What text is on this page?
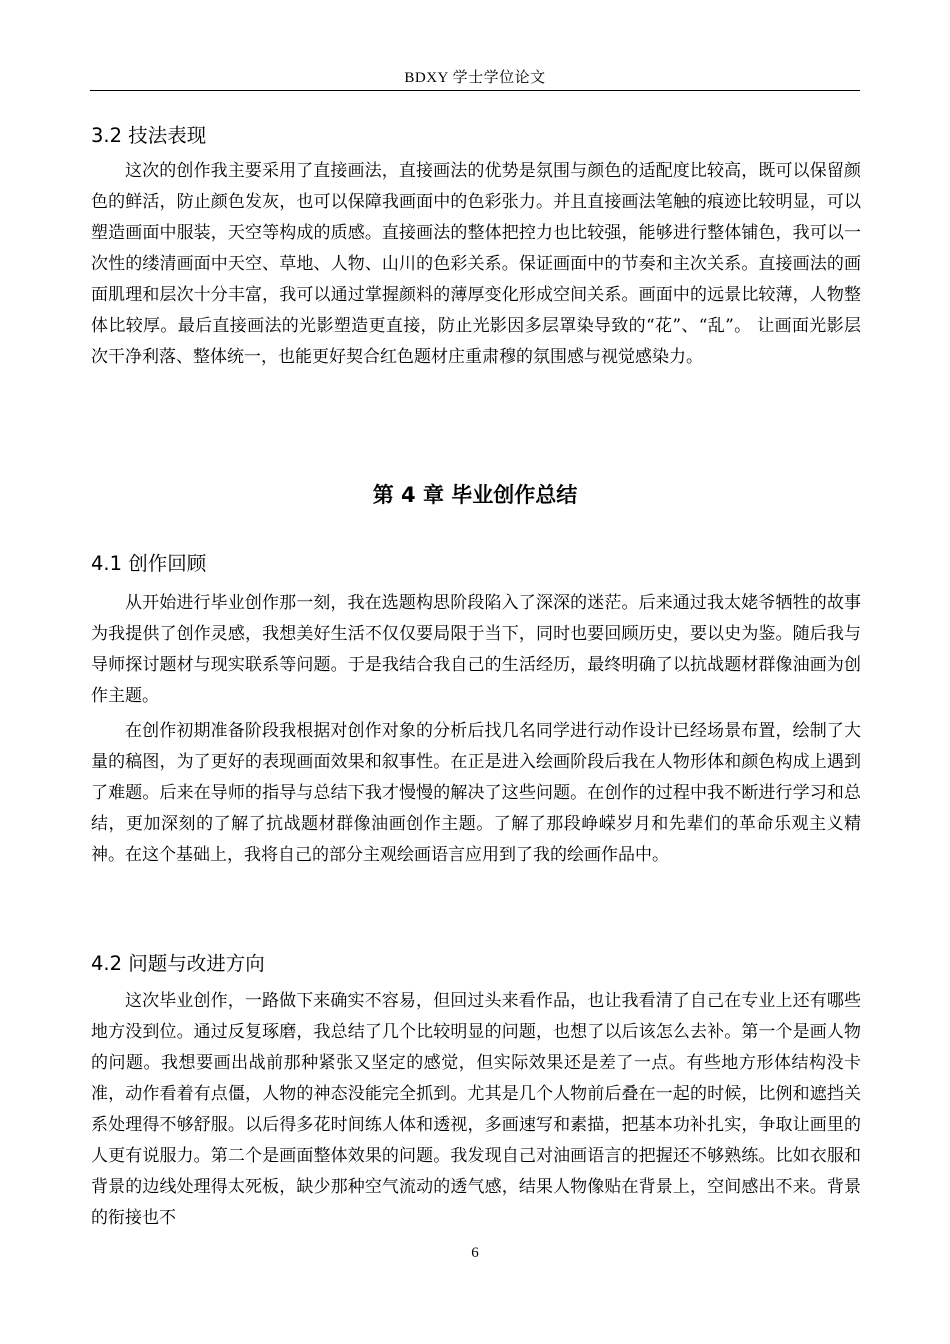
BDXY 学士学位论文
3.2 技法表现

这次的创作我主要采用了直接画法，直接画法的优势是氛围与颜色的适配度比较高，既可以保留颜色的鲜活，防止颜色发灰，也可以保障我画面中的色彩张力。并且直接画法笔触的痕迹比较明显，可以塑造画面中服装，天空等构成的质感。直接画法的整体把控力也比较强，能够进行整体铺色，我可以一次性的缕清画面中天空、草地、人物、山川的色彩关系。保证画面中的节奏和主次关系。直接画法的画面肌理和层次十分丰富，我可以通过掌握颜料的薄厚变化形成空间关系。画面中的远景比较薄，人物整体比较厚。最后直接画法的光影塑造更直接，防止光影因多层罩染导致的“花”、“乱”。 让画面光影层次干净利落、整体统一，也能更好契合红色题材庄重肃穆的氛围感与视觉感染力。

第 4 章 毕业创作总结
4.1 创作回顾

从开始进行毕业创作那一刻，我在选题构思阶段陷入了深深的迷茫。后来通过我太姥爷牺牲的故事为我提供了创作灵感，我想美好生活不仅仅要局限于当下，同时也要回顾历史，要以史为鉴。随后我与导师探讨题材与现实联系等问题。于是我结合我自己的生活经历，最终明确了以抗战题材群像油画为创作主题。

在创作初期准备阶段我根据对创作对象的分析后找几名同学进行动作设计已经场景布置，绘制了大量的稿图，为了更好的表现画面效果和叙事性。在正是进入绘画阶段后我在人物形体和颜色构成上遇到了难题。后来在导师的指导与总结下我才慢慢的解决了这些问题。在创作的过程中我不断进行学习和总结，更加深刻的了解了抗战题材群像油画创作主题。了解了那段峥嵘岁月和先辈们的革命乐观主义精神。在这个基础上，我将自己的部分主观绘画语言应用到了我的绘画作品中。

4.2 问题与改进方向

这次毕业创作，一路做下来确实不容易，但回过头来看作品，也让我看清了自己在专业上还有哪些地方没到位。通过反复琢磨，我总结了几个比较明显的问题，也想了以后该怎么去补。第一个是画人物的问题。我想要画出战前那种紧张又坚定的感觉，但实际效果还是差了一点。有些地方形体结构没卡准，动作看着有点僵，人物的神态没能完全抓到。尤其是几个人物前后叠在一起的时候，比例和遮挡关系处理得不够舒服。以后得多花时间练人体和透视，多画速写和素描，把基本功补扎实，争取让画里的人更有说服力。第二个是画面整体效果的问题。我发现自己对油画语言的把握还不够熟练。比如衣服和背景的边线处理得太死板，缺少那种空气流动的透气感，结果人物像贴在背景上，空间感出不来。背景的衔接也不

6
